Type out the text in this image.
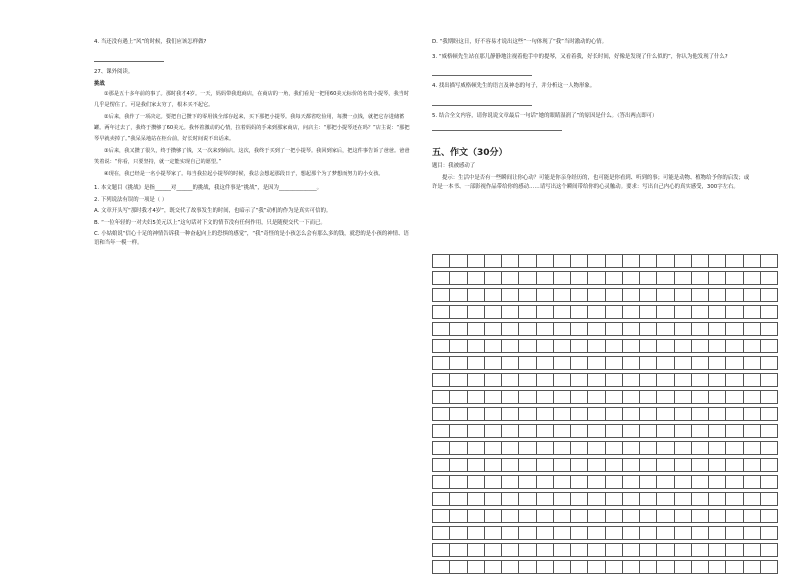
4. 当还没有遇上“风”的时候，我们应该怎样做?

27、课外阅读。

挑战

①那是五十多年前的事了。那时我才4岁。一天，妈妈带我逛商店，在商店的一角，我们看见一把用60美元标价的名贵小提琴，我当时几乎是愣住了。可是我们家太穷了，根本买不起它。

②后来，我作了一项决定。要把自己攒下的零用钱全部存起来，买下那把小提琴。我每天都省吃俭用，每攒一点钱，就把它存进储蓄罐。两年过去了，我终于攒够了60美元。我怀着激动的心情，拉着妈妈的手来到那家商店，问店主：“那把小提琴还在吗？”店主说：“那把琴早就卖掉了。”我呆呆地站在柜台前，好长时间说不出话来。

③后来，我又攒了很久，终于攒够了钱，又一次来到商店。这次，我终于买到了一把小提琴。我回到家后，把这件事告诉了爸爸。爸爸笑着说：“你看，只要坚持，就一定能实现自己的愿望。”

④现在，我已经是一名小提琴家了。每当我拉起小提琴的时候，我总会想起那段日子，想起那个为了梦想而努力的小女孩。

1. 本文题目《挑战》是指______对______的挑战，我这件事是“挑战”，是因为______________。

2. 下列说法有误的一项是（ ）

A. 文章开头写“那时我才4岁”，既交代了故事发生的时间，也暗示了“我”动机的作为是真实可信的。

B. “一位年轻的一对夫妇5美元以上”这句话对下文的情节没有任何作用，只是随便交代一下而已。

C. 小姑娘说“信心十足的神情告诉我一种奋起向上的恐惧的感觉”，“我”奇怪的是小孩怎么会有那么多的钱，就恐的是小孩的神情、语语和当年一模一样。

D. “我期盼这日，好不容易才说出这些”一句体现了“我”当时激动的心情。

3. “威格顿先生站在那儿静静地注视着他手中的提琴，又看着我，好长时间，好像是发现了什么似的”，你认为他发现了什么?

4. 找出描写威格顿先生的语言及神态的句子，并分析这一人物形象。

5. 结合全文内容，请你说说文章最后一句话“她的眼睛湿润了”的原因是什么。（答出两点即可）

五、作文（30分）

题目：我被感动了

提示：生活中是否有一些瞬间让你心动？可能是你亲身经历的，也可能是你看到、听到的事；可能是动物、植物给予你的启发；或许是一本书、一部影视作品带给你的感动……请写出这个瞬间带给你的心灵触动。要求：写出自己内心的真实感受，300字左右。
